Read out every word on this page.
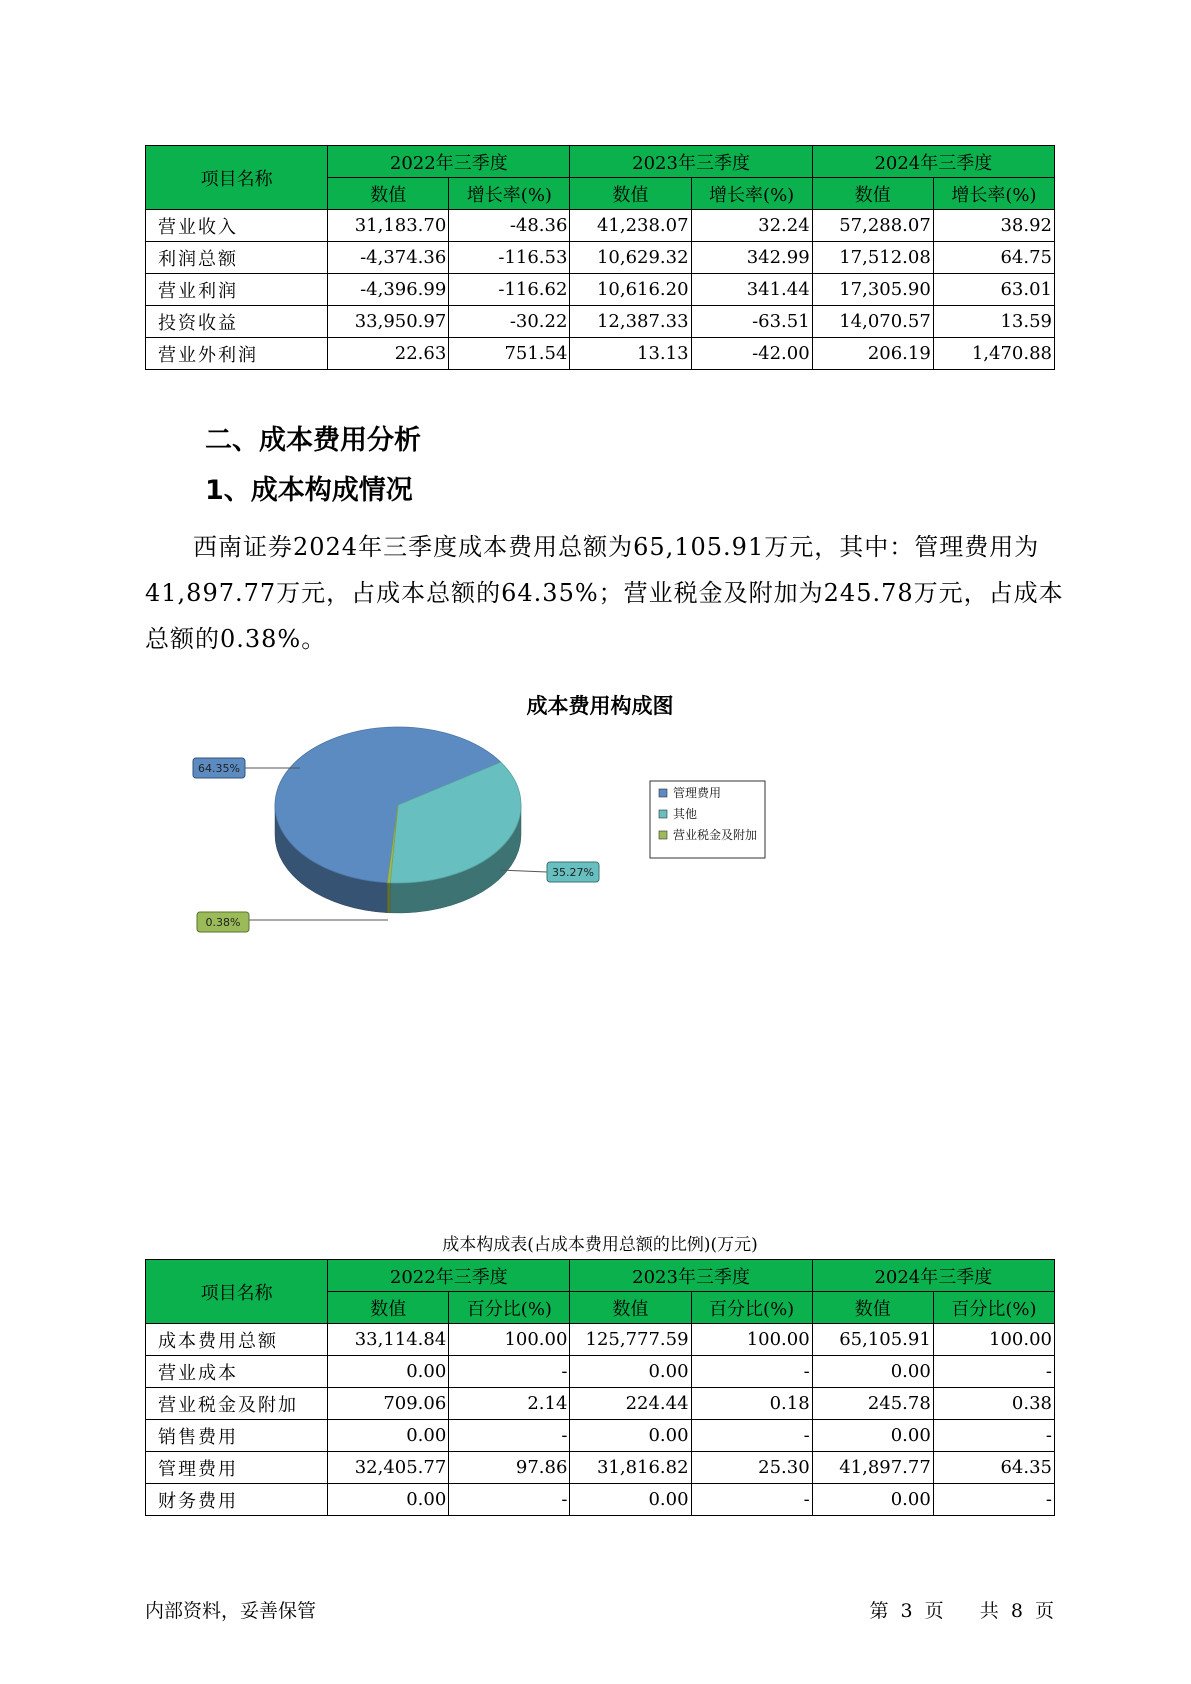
项目名称	2022年三季度		2023年三季度		2024年三季度	
	数值	增长率(%)	数值	增长率(%)	数值	增长率(%)
营业收入	31,183.70	-48.36	41,238.07	32.24	57,288.07	38.92
利润总额	-4,374.36	-116.53	10,629.32	342.99	17,512.08	64.75
营业利润	-4,396.99	-116.62	10,616.20	341.44	17,305.90	63.01
投资收益	33,950.97	-30.22	12,387.33	-63.51	14,070.57	13.59
营业外利润	22.63	751.54	13.13	-42.00	206.19	1,470.88
二、成本费用分析
1、成本构成情况

西南证券2024年三季度成本费用总额为65,105.91万元，其中：管理费用为41,897.77万元，占成本总额的64.35%；营业税金及附加为245.78万元，占成本总额的0.38%。

成本费用构成图
64.35%
35.27%
0.38%
管理费用
其他
营业税金及附加
成本构成表(占成本费用总额的比例)(万元)
项目名称	2022年三季度		2023年三季度		2024年三季度	
	数值	百分比(%)	数值	百分比(%)	数值	百分比(%)
成本费用总额	33,114.84	100.00	125,777.59	100.00	65,105.91	100.00
营业成本	0.00	-	0.00	-	0.00	-
营业税金及附加	709.06	2.14	224.44	0.18	245.78	0.38
销售费用	0.00	-	0.00	-	0.00	-
管理费用	32,405.77	97.86	31,816.82	25.30	41,897.77	64.35
财务费用	0.00	-	0.00	-	0.00	-
内部资料，妥善保管	第 3 页 共 8 页
